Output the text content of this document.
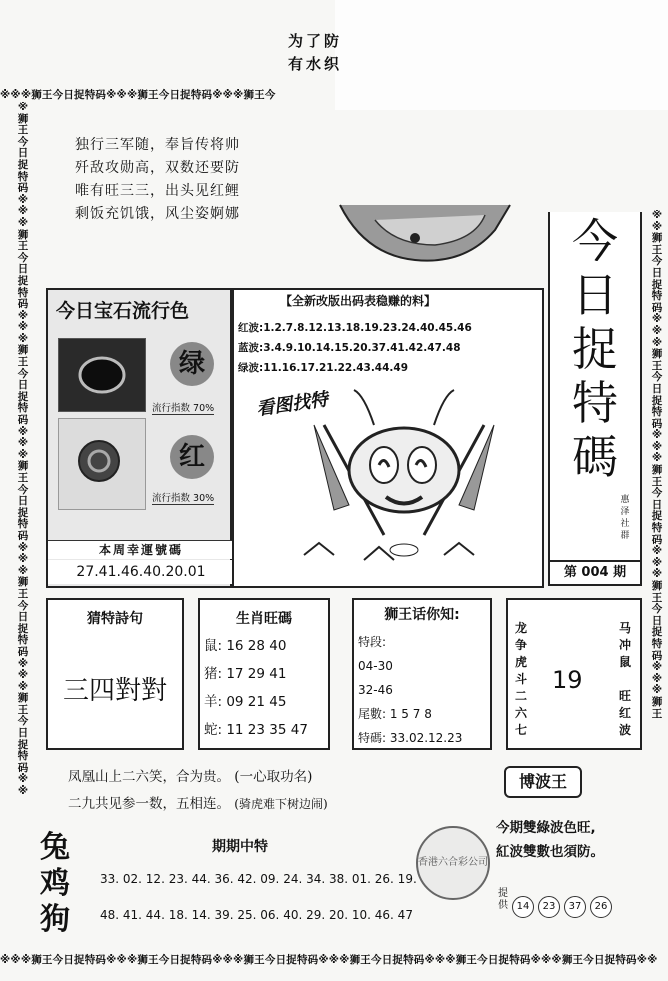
为了防
有水织
※※※狮王今日捉特码※※※狮王今日捉特码※※※狮王今
※※※狮王今日捉特码※※※狮王今日捉特码※※※狮王今日捉特码※※※狮王今日捉特码※※※狮王今日捉特码※※※狮王今日捉特码※※
※狮王今日捉特码※※※狮王今日捉特码※※※狮王今日捉特码※※※狮王今日捉特码※※※狮王今日捉特码※※※狮王今日捉特码※※
※※狮王今日捉特码※※※狮王今日捉特码※※※狮王今日捉特码※※※狮王今日捉特码※※※狮王
独行三军随，奉旨传将帅
歼敌攻勋高，双数还要防
唯有旺三三，出头见红鲤
剩饭充饥饿，风尘姿婀娜	今
日
捉
特
碼
惠
泽
社
群
第 004 期
今日宝石流行色
绿
流行指数 70%
红
流行指数 30%
本周幸運號碼
27.41.46.40.20.01
【全新改版出码表稳赚的料】
红波:1.2.7.8.12.13.18.19.23.24.40.45.46
蓝波:3.4.9.10.14.15.20.37.41.42.47.48
绿波:11.16.17.21.22.43.44.49
看图找特
猜特詩句
三四對對
生肖旺碼
鼠: 16 28 40
猪: 17 29 41
羊: 09 21 45
蛇: 11 23 35 47
狮王话你知:
特段:
04-30
32-46
尾數: 1 5 7 8
特碼: 33.02.12.23
龙
争
虎
斗
二
六
七
19
马
冲
鼠
旺
红
波
凤凰山上二六笑，合为贵。 (一心取功名)
二九共见参一数，五相连。 (骑虎难下树边闹)
博波王
今期雙綠波色旺,
紅波雙數也須防。
香港六合彩公司
提供 14 23 37 26
兔
鸡
狗
期期中特
33. 02. 12. 23. 44. 36. 42. 09. 24. 34. 38. 01. 26. 19.
48. 41. 44. 18. 14. 39. 25. 06. 40. 29. 20. 10. 46. 47
